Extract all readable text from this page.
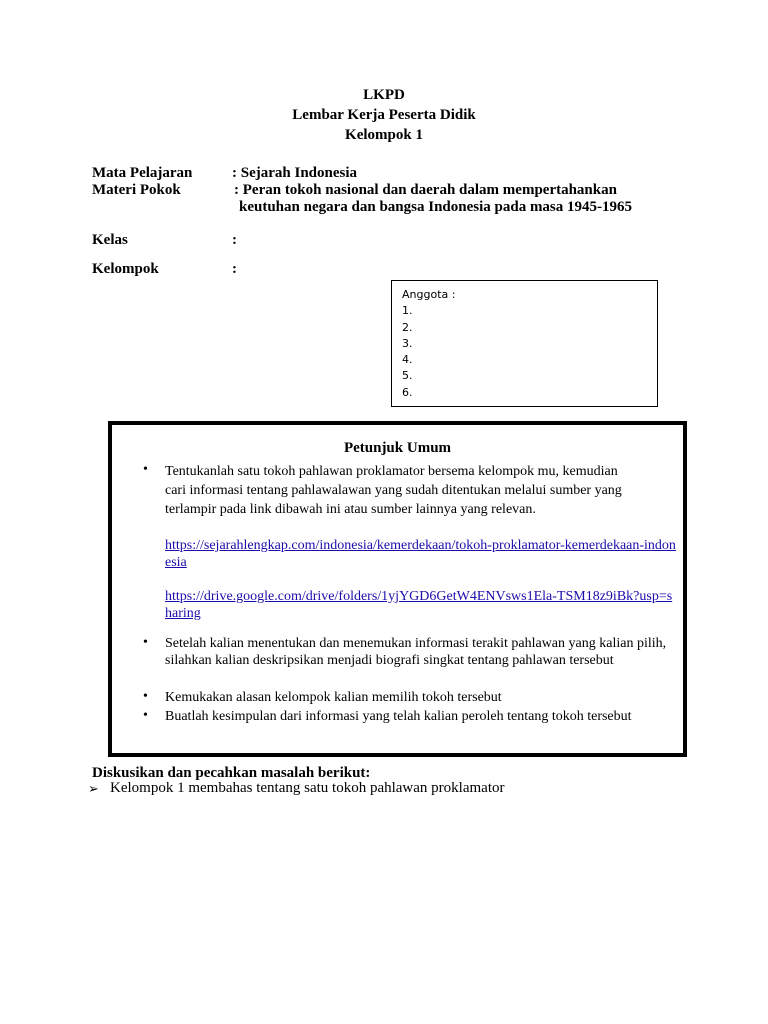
LKPD
Lembar Kerja Peserta Didik
Kelompok 1
Mata Pelajaran	: Sejarah Indonesia
Materi Pokok	: Peran tokoh nasional dan daerah dalam mempertahankan
keutuhan negara dan bangsa Indonesia pada masa 1945-1965
Kelas	:
Kelompok	:
Anggota :
1.
2.
3.
4.
5.
6.
Petunjuk Umum
• Tentukanlah satu tokoh pahlawan proklamator bersema kelompok mu, kemudian
cari informasi tentang pahlawalawan yang sudah ditentukan melalui sumber yang
terlampir pada link dibawah ini atau sumber lainnya yang relevan.
https://sejarahlengkap.com/indonesia/kemerdekaan/tokoh-proklamator-kemerdekaan-indonesia
https://drive.google.com/drive/folders/1yjYGD6GetW4ENVsws1Ela-TSM18z9iBk?usp=sharing
• Setelah kalian menentukan dan menemukan informasi terakit pahlawan yang kalian pilih, silahkan kalian deskripsikan menjadi biografi singkat tentang pahlawan tersebut
• Kemukakan alasan kelompok kalian memilih tokoh tersebut
• Buatlah kesimpulan dari informasi yang telah kalian peroleh tentang tokoh tersebut
Diskusikan dan pecahkan masalah berikut:
➢ Kelompok 1 membahas tentang satu tokoh pahlawan proklamator
